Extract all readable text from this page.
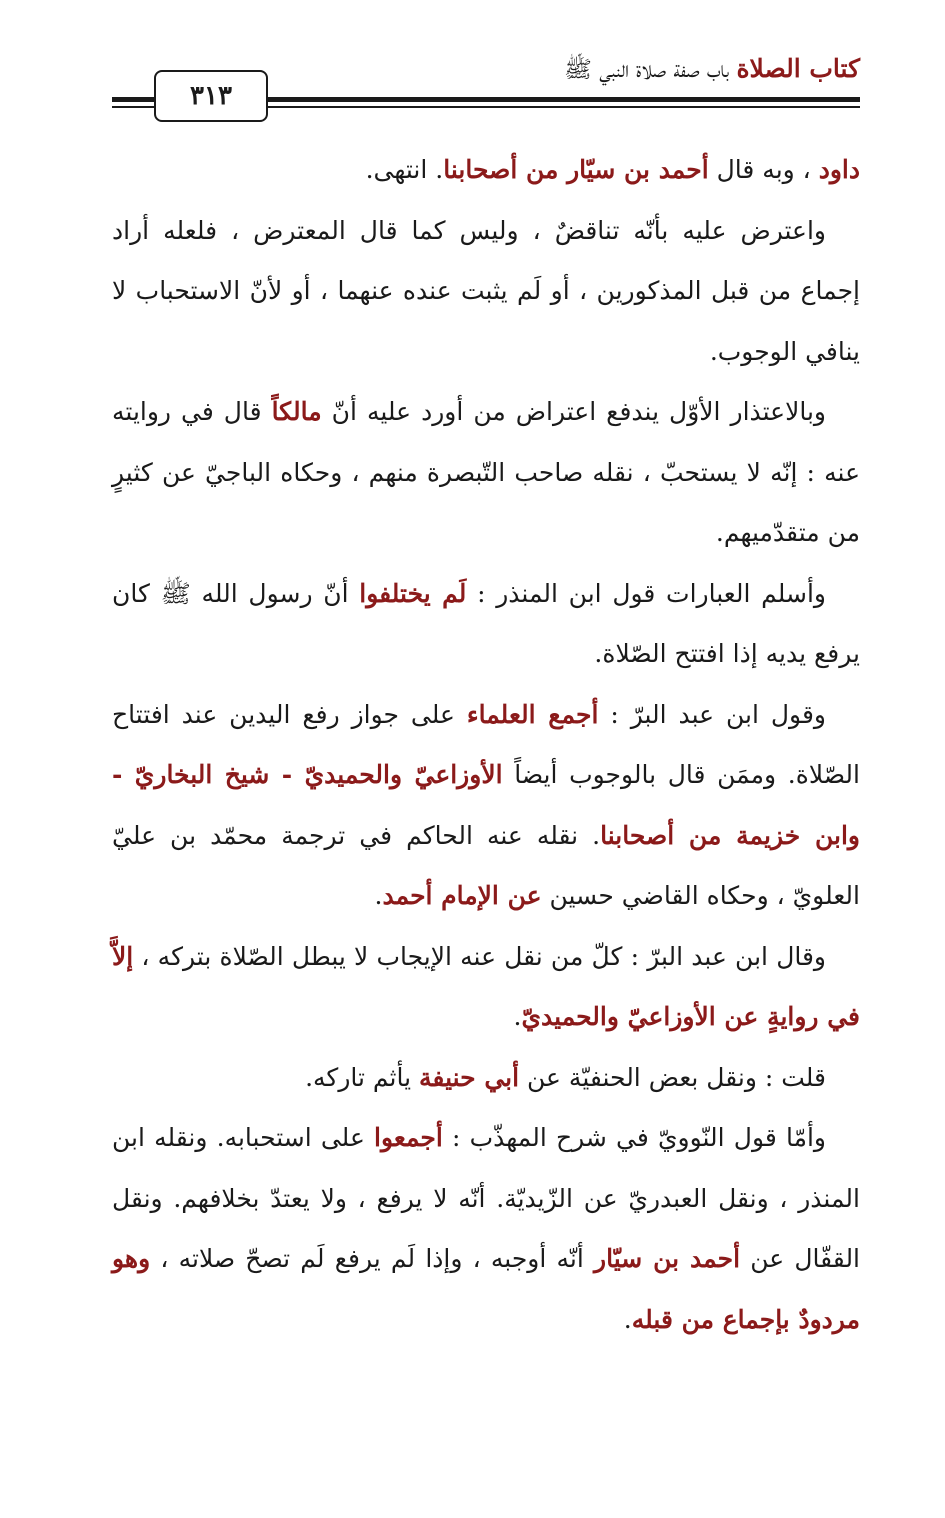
كتاب الصلاة باب صفة صلاة النبي ﷺ
٣١٣

داود ، وبه قال أحمد بن سيّار من أصحابنا. انتهى.

واعترض عليه بأنّه تناقضٌ ، وليس كما قال المعترض ، فلعله أراد إجماع من قبل المذكورين ، أو لَم يثبت عنده عنهما ، أو لأنّ الاستحباب لا ينافي الوجوب.

وبالاعتذار الأوّل يندفع اعتراض من أورد عليه أنّ مالكاً قال في روايته عنه : إنّه لا يستحبّ ، نقله صاحب التّبصرة منهم ، وحكاه الباجيّ عن كثيرٍ من متقدّميهم.

وأسلم العبارات قول ابن المنذر : لَم يختلفوا أنّ رسول الله ﷺ كان يرفع يديه إذا افتتح الصّلاة.

وقول ابن عبد البرّ : أجمع العلماء على جواز رفع اليدين عند افتتاح الصّلاة. وممَن قال بالوجوب أيضاً الأوزاعيّ والحميديّ - شيخ البخاريّ - وابن خزيمة من أصحابنا. نقله عنه الحاكم في ترجمة محمّد بن عليّ العلويّ ، وحكاه القاضي حسين عن الإمام أحمد.

وقال ابن عبد البرّ : كلّ من نقل عنه الإيجاب لا يبطل الصّلاة بتركه ، إلاَّ في روايةٍ عن الأوزاعيّ والحميديّ.

قلت : ونقل بعض الحنفيّة عن أبي حنيفة يأثم تاركه.

وأمّا قول النّوويّ في شرح المهذّب : أجمعوا على استحبابه. ونقله ابن المنذر ، ونقل العبدريّ عن الزّيديّة. أنّه لا يرفع ، ولا يعتدّ بخلافهم. ونقل القفّال عن أحمد بن سيّار أنّه أوجبه ، وإذا لَم يرفع لَم تصحّ صلاته ، وهو مردودٌ بإجماع من قبله.
